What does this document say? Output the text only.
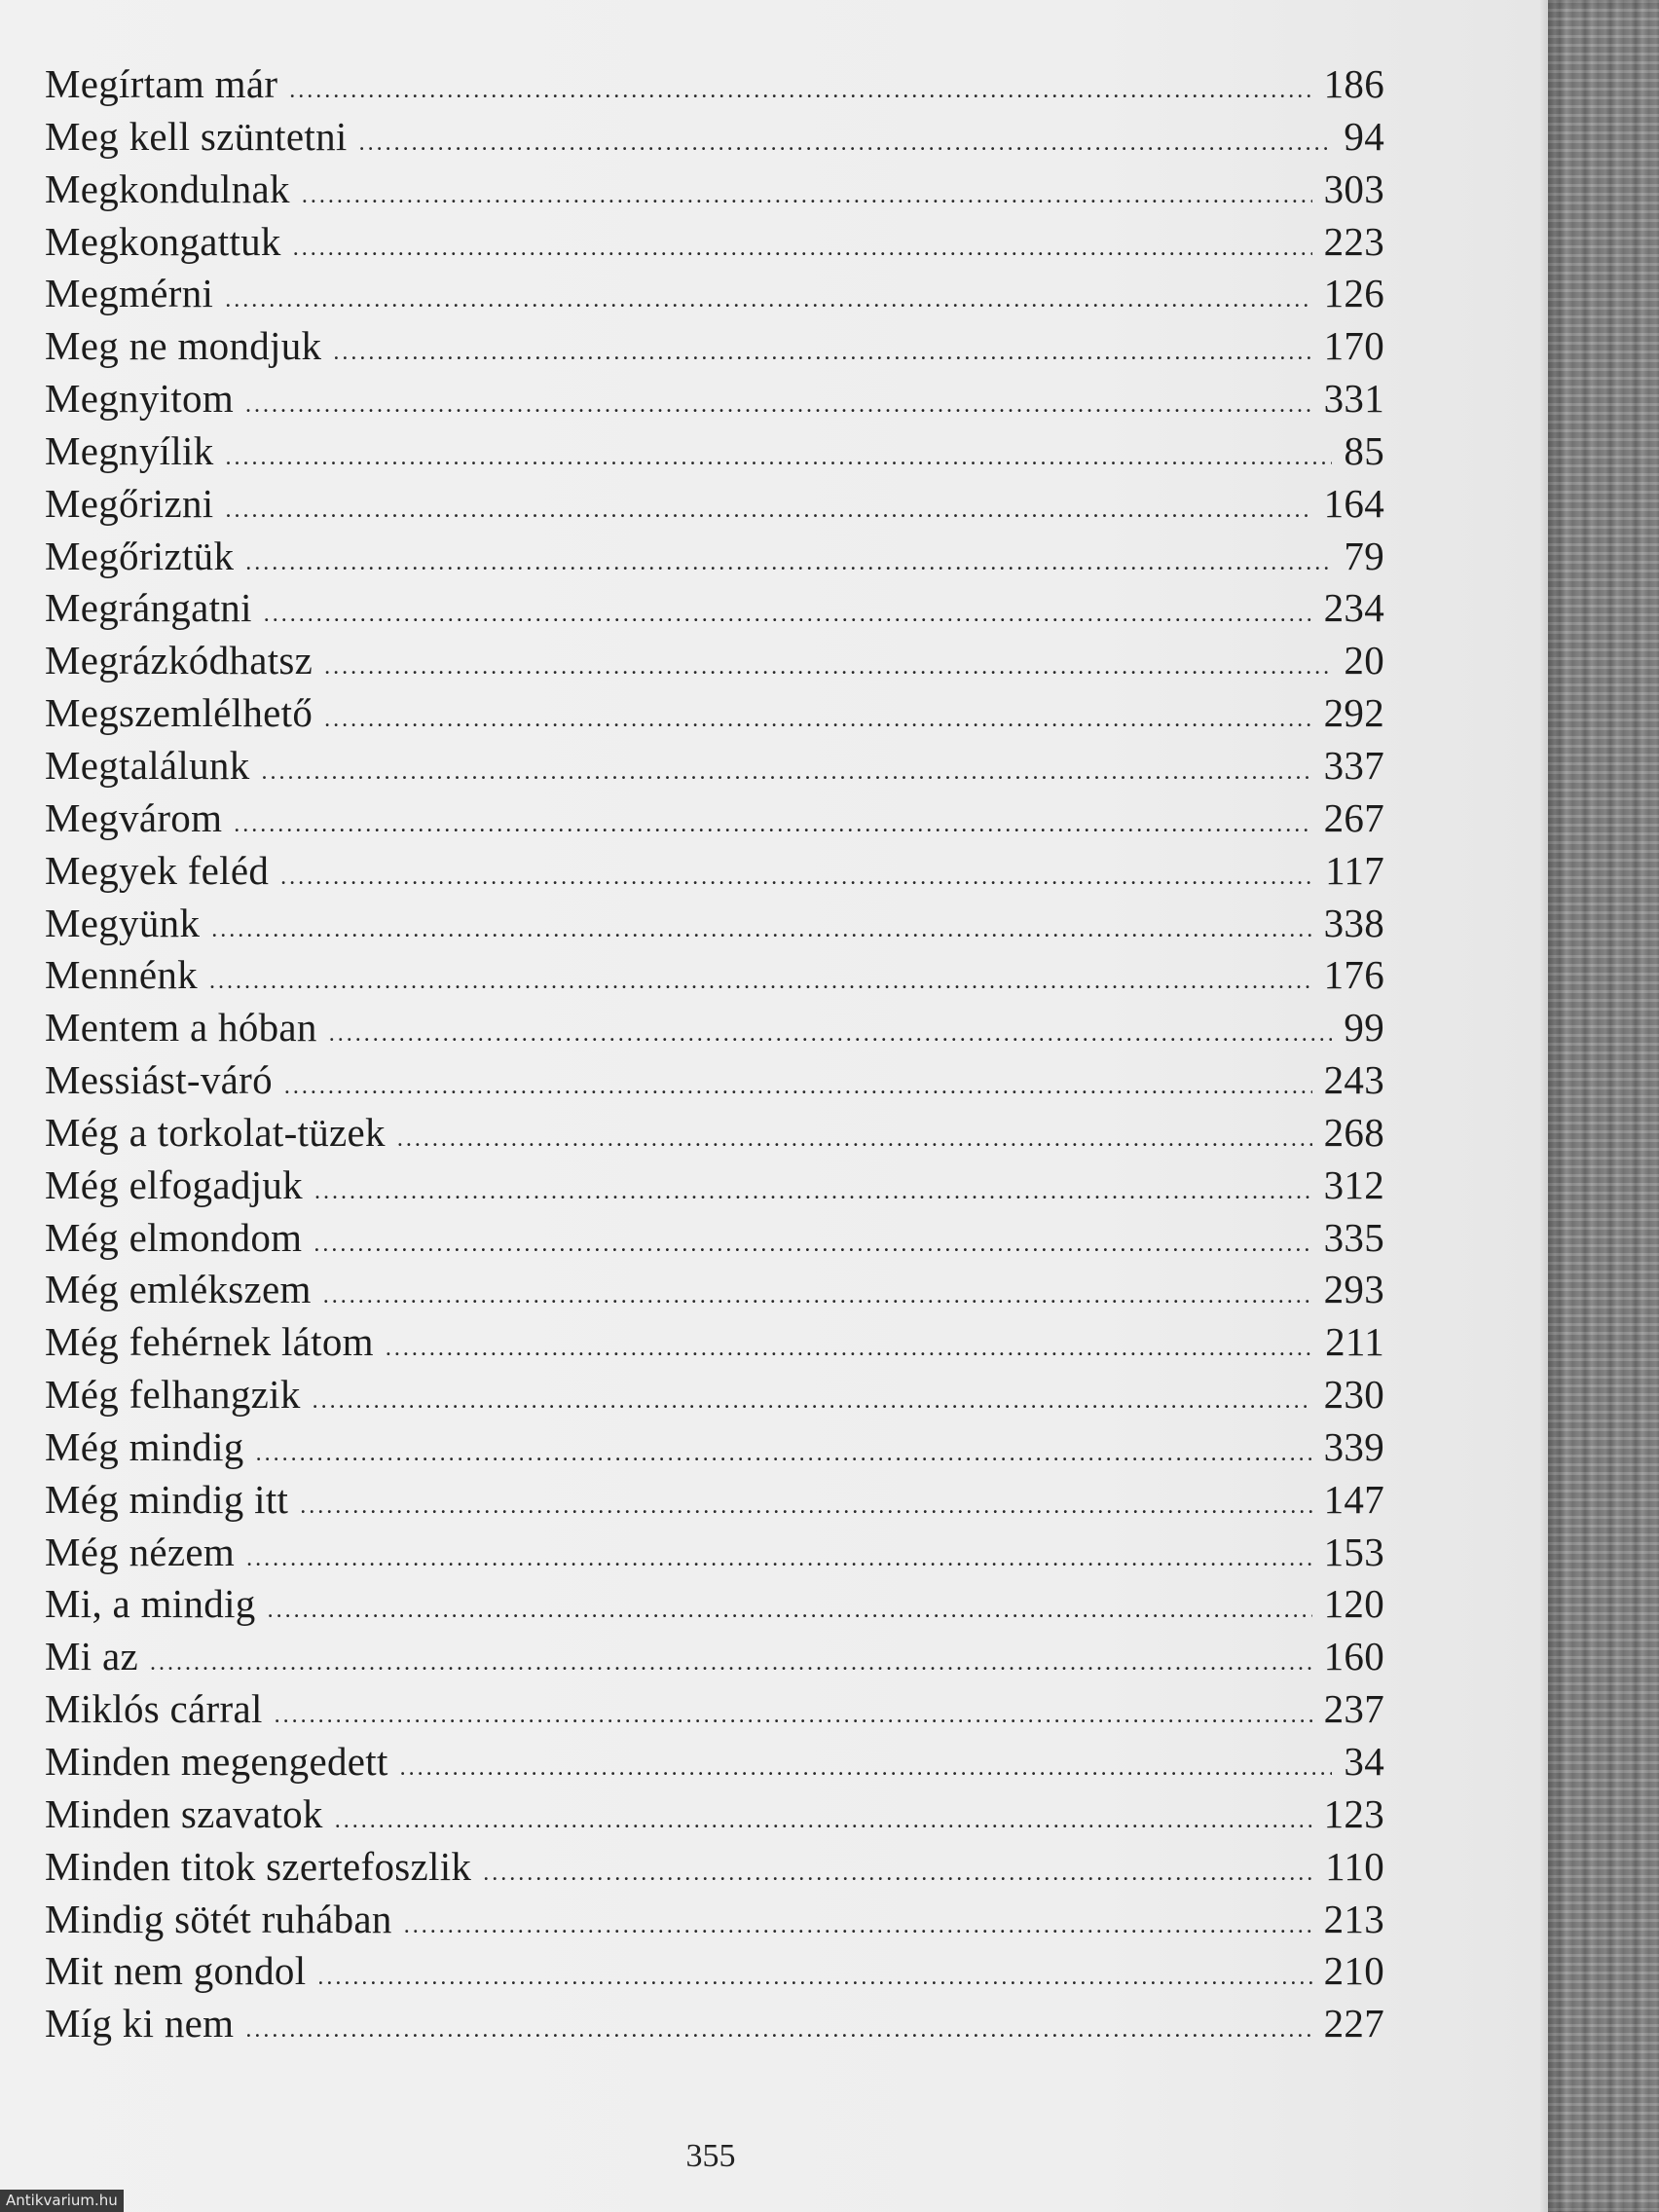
Megírtam már .....	186
Meg kell szüntetni .....	94
Megkondulnak .....	303
Megkongattuk .....	223
Megmérni .....	126
Meg ne mondjuk .....	170
Megnyitom .....	331
Megnyílik .....	85
Megőrizni .....	164
Megőriztük .....	79
Megrángatni .....	234
Megrázkódhatsz .....	20
Megszemlélhető .....	292
Megtalálunk .....	337
Megvárom .....	267
Megyek feléd .....	117
Megyünk .....	338
Mennénk .....	176
Mentem a hóban .....	99
Messiást-váró .....	243
Még a torkolat-tüzek .....	268
Még elfogadjuk .....	312
Még elmondom .....	335
Még emlékszem .....	293
Még fehérnek látom .....	211
Még felhangzik .....	230
Még mindig .....	339
Még mindig itt .....	147
Még nézem .....	153
Mi, a mindig .....	120
Mi az .....	160
Miklós cárral .....	237
Minden megengedett .....	34
Minden szavatok .....	123
Minden titok szertefoszlik .....	110
Mindig sötét ruhában .....	213
Mit nem gondol .....	210
Míg ki nem .....	227
355
Antikvarium.hu
